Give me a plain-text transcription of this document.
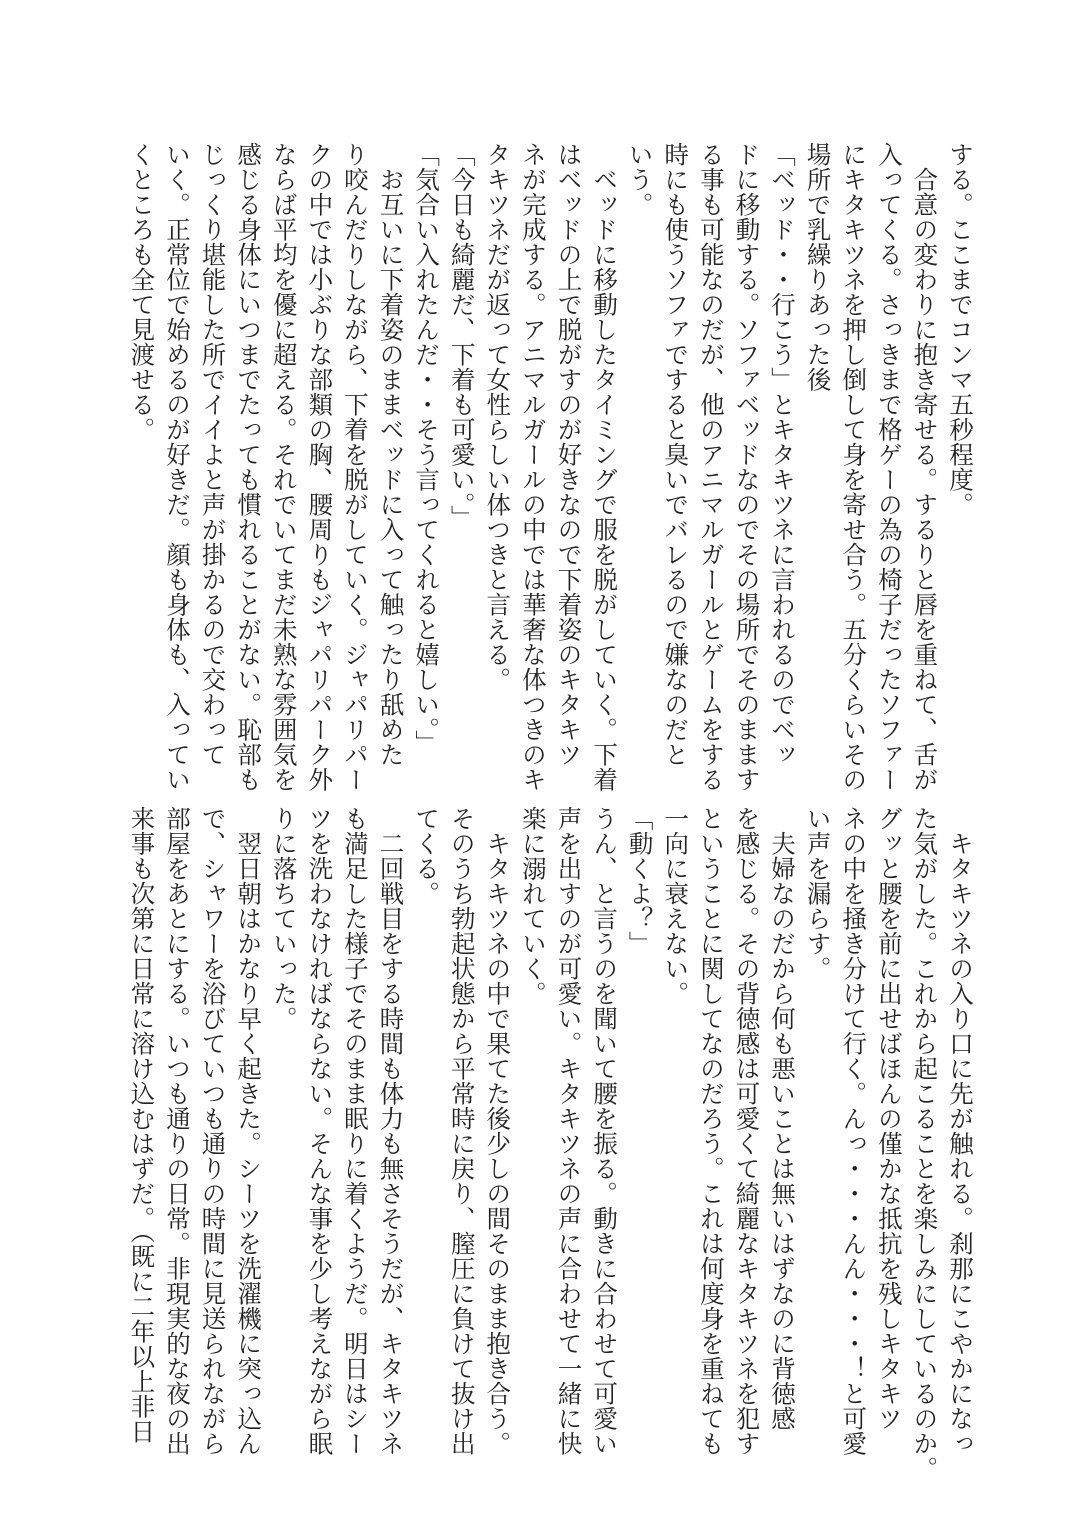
する。ここまでコンマ五秒程度。
　合意の変わりに抱き寄せる。するりと唇を重ねて、舌が
入ってくる。さっきまで格ゲーの為の椅子だったソファー
にキタキツネを押し倒して身を寄せ合う。五分くらいその
場所で乳繰りあった後
「ベッド・・行こう」とキタキツネに言われるのでベッ
ドに移動する。ソファベッドなのでその場所でそのまます
る事も可能なのだが、他のアニマルガールとゲームをする
時にも使うソファですると臭いでバレるので嫌なのだと
いう。
　ベッドに移動したタイミングで服を脱がしていく。下着
はベッドの上で脱がすのが好きなので下着姿のキタキツ
ネが完成する。アニマルガールの中では華奢な体つきのキ
タキツネだが返って女性らしい体つきと言える。
「今日も綺麗だ、下着も可愛い。」
「気合い入れたんだ・・そう言ってくれると嬉しい。」
　お互いに下着姿のままベッドに入って触ったり舐めた
り咬んだりしながら、下着を脱がしていく。ジャパリパー
クの中では小ぶりな部類の胸、腰周りもジャパリパーク外
ならば平均を優に超える。それでいてまだ未熟な雰囲気を
感じる身体にいつまでたっても慣れることがない。恥部も
じっくり堪能した所でイイよと声が掛かるので交わって
いく。正常位で始めるのが好きだ。顔も身体も、入ってい
くところも全て見渡せる。
　キタキツネの入り口に先が触れる。刹那にこやかになっ
た気がした。これから起こることを楽しみにしているのか。
グッと腰を前に出せばほんの僅かな抵抗を残しキタキツ
ネの中を掻き分けて行く。んっ・・・んん・・・！と可愛
い声を漏らす。
　夫婦なのだから何も悪いことは無いはずなのに背徳感
を感じる。その背徳感は可愛くて綺麗なキタキツネを犯す
ということに関してなのだろう。これは何度身を重ねても
一向に衰えない。
「動くよ？」
うん、と言うのを聞いて腰を振る。動きに合わせて可愛い
声を出すのが可愛い。キタキツネの声に合わせて一緒に快
楽に溺れていく。
　キタキツネの中で果てた後少しの間そのまま抱き合う。
そのうち勃起状態から平常時に戻り、膣圧に負けて抜け出
てくる。
　二回戦目をする時間も体力も無さそうだが、キタキツネ
も満足した様子でそのまま眠りに着くようだ。明日はシー
ツを洗わなければならない。そんな事を少し考えながら眠
りに落ちていった。
　翌日朝はかなり早く起きた。シーツを洗濯機に突っ込ん
で、シャワーを浴びていつも通りの時間に見送られながら
部屋をあとにする。いつも通りの日常。非現実的な夜の出
来事も次第に日常に溶け込むはずだ。（既に二年以上非日
